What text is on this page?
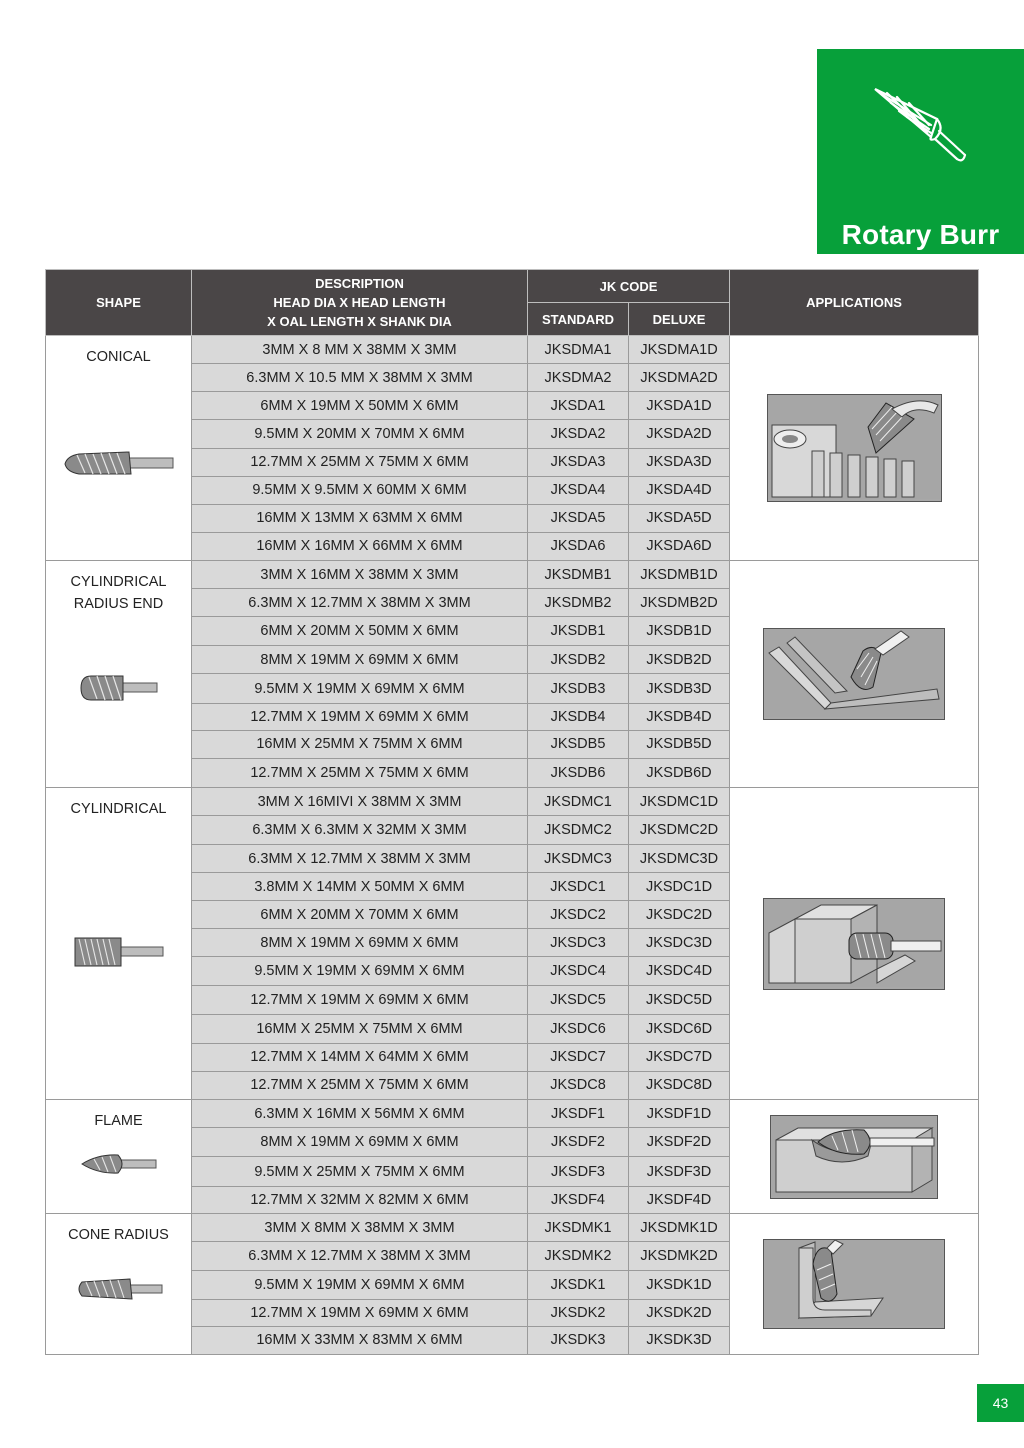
Rotary Burr
SHAPE	DESCRIPTION
HEAD DIA X HEAD LENGTH
X OAL LENGTH X SHANK DIA	JK CODE		APPLICATIONS
		STANDARD	DELUXE	

CONICAL	3MM X 8 MM X 38MM X 3MM	JKSDMA1	JKSDMA1D	

	6.3MM X 10.5 MM X 38MM X 3MM	JKSDMA2	JKSDMA2D	
	6MM X 19MM X 50MM X 6MM	JKSDA1	JKSDA1D	
	9.5MM X 20MM X 70MM X 6MM	JKSDA2	JKSDA2D	
	12.7MM X 25MM X 75MM X 6MM	JKSDA3	JKSDA3D	
	9.5MM X 9.5MM X 60MM X 6MM	JKSDA4	JKSDA4D	
	16MM X 13MM X 63MM X 6MM	JKSDA5	JKSDA5D	
	16MM X 16MM X 66MM X 6MM	JKSDA6	JKSDA6D	

CYLINDRICAL RADIUS END	3MM X 16MM X 38MM X 3MM	JKSDMB1	JKSDMB1D	

	6.3MM X 12.7MM X 38MM X 3MM	JKSDMB2	JKSDMB2D	
	6MM X 20MM X 50MM X 6MM	JKSDB1	JKSDB1D	
	8MM X 19MM X 69MM X 6MM	JKSDB2	JKSDB2D	
	9.5MM X 19MM X 69MM X 6MM	JKSDB3	JKSDB3D	
	12.7MM X 19MM X 69MM X 6MM	JKSDB4	JKSDB4D	
	16MM X 25MM X 75MM X 6MM	JKSDB5	JKSDB5D	
	12.7MM X 25MM X 75MM X 6MM	JKSDB6	JKSDB6D	

CYLINDRICAL	3MM X 16MIVI X 38MM X 3MM	JKSDMC1	JKSDMC1D	

	6.3MM X 6.3MM X 32MM X 3MM	JKSDMC2	JKSDMC2D	
	6.3MM X 12.7MM X 38MM X 3MM	JKSDMC3	JKSDMC3D	
	3.8MM X 14MM X 50MM X 6MM	JKSDC1	JKSDC1D	
	6MM X 20MM X 70MM X 6MM	JKSDC2	JKSDC2D	
	8MM X 19MM X 69MM X 6MM	JKSDC3	JKSDC3D	
	9.5MM X 19MM X 69MM X 6MM	JKSDC4	JKSDC4D	
	12.7MM X 19MM X 69MM X 6MM	JKSDC5	JKSDC5D	
	16MM X 25MM X 75MM X 6MM	JKSDC6	JKSDC6D	
	12.7MM X 14MM X 64MM X 6MM	JKSDC7	JKSDC7D	
	12.7MM X 25MM X 75MM X 6MM	JKSDC8	JKSDC8D	

FLAME	6.3MM X 16MM X 56MM X 6MM	JKSDF1	JKSDF1D	

	8MM X 19MM X 69MM X 6MM	JKSDF2	JKSDF2D	
	9.5MM X 25MM X 75MM X 6MM	JKSDF3	JKSDF3D	
	12.7MM X 32MM X 82MM X 6MM	JKSDF4	JKSDF4D	

CONE RADIUS	3MM X 8MM X 38MM X 3MM	JKSDMK1	JKSDMK1D	

	6.3MM X 12.7MM X 38MM X 3MM	JKSDMK2	JKSDMK2D	
	9.5MM X 19MM X 69MM X 6MM	JKSDK1	JKSDK1D	
	12.7MM X 19MM X 69MM X 6MM	JKSDK2	JKSDK2D	
	16MM X 33MM X 83MM X 6MM	JKSDK3	JKSDK3D	
43
